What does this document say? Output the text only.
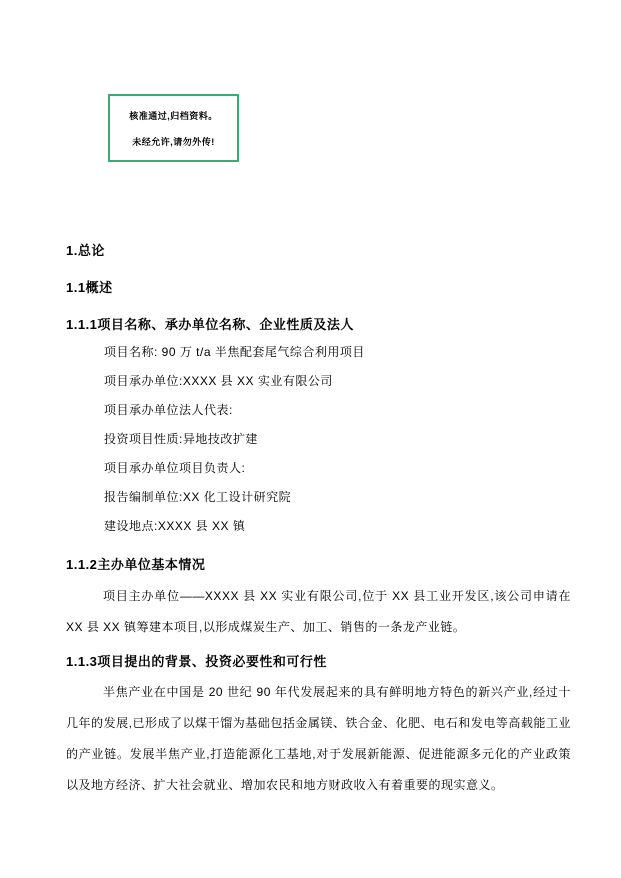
核准通过,归档资料。
未经允许,请勿外传!
1.总论
1.1概述
1.1.1项目名称、承办单位名称、企业性质及法人
项目名称: 90 万 t/a 半焦配套尾气综合利用项目
项目承办单位:XXXX 县 XX 实业有限公司
项目承办单位法人代表:
投资项目性质:异地技改扩建
项目承办单位项目负责人:
报告编制单位:XX 化工设计研究院
建设地点:XXXX 县 XX 镇
1.1.2主办单位基本情况
项目主办单位——XXXX 县 XX 实业有限公司,位于 XX 县工业开发区,该公司申请在 XX 县 XX 镇筹建本项目,以形成煤炭生产、加工、销售的一条龙产业链。
1.1.3项目提出的背景、投资必要性和可行性
半焦产业在中国是 20 世纪 90 年代发展起来的具有鲜明地方特色的新兴产业,经过十几年的发展,已形成了以煤干馏为基础包括金属镁、铁合金、化肥、电石和发电等高载能工业的产业链。发展半焦产业,打造能源化工基地,对于发展新能源、促进能源多元化的产业政策以及地方经济、扩大社会就业、增加农民和地方财政收入有着重要的现实意义。
